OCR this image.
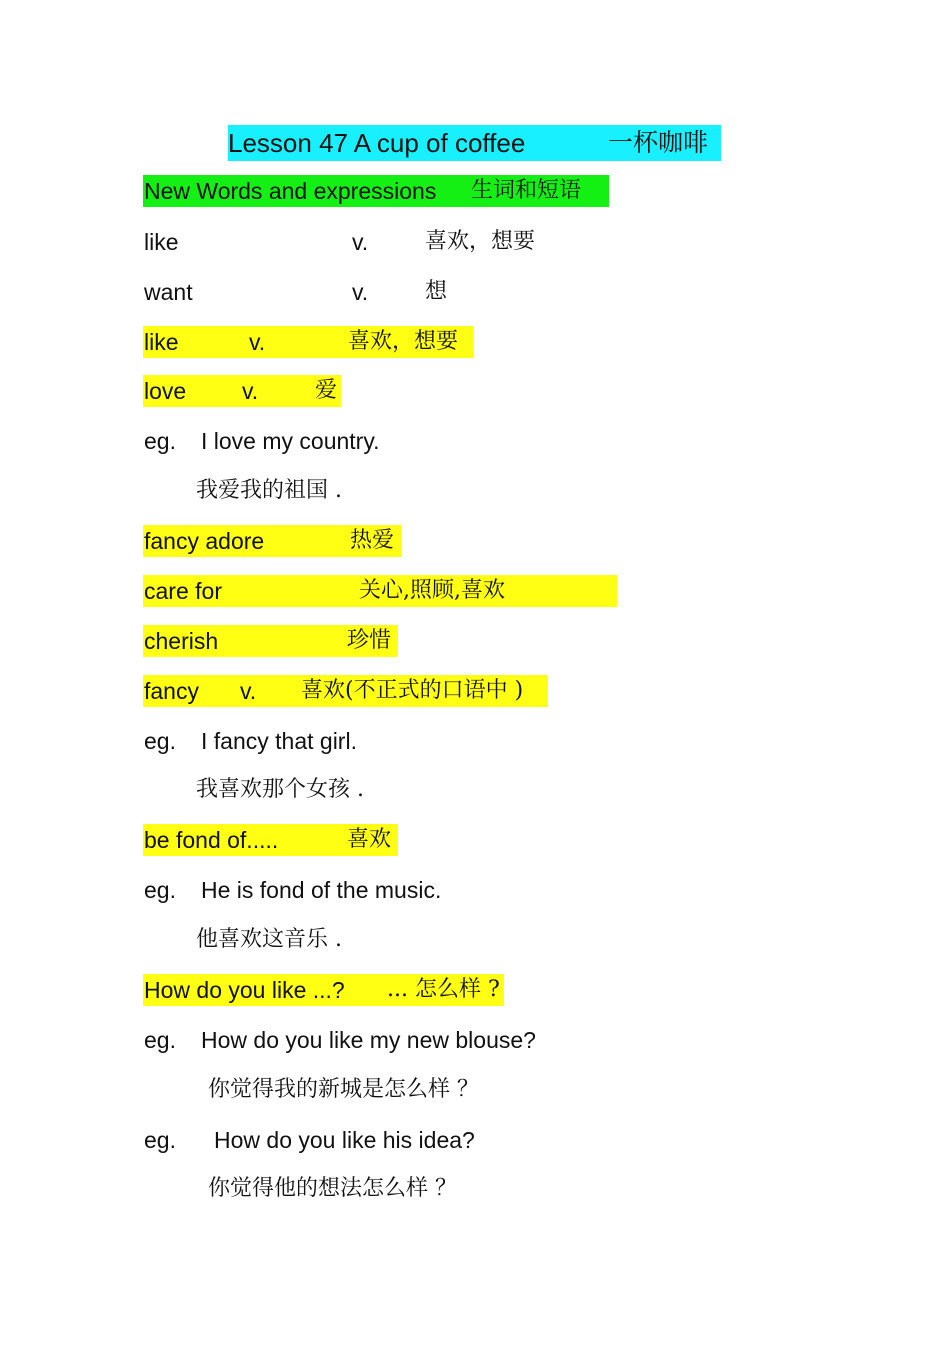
Lesson 47 A cup of coffee	一杯咖啡
New Words and expressions 生词和短语
like	v.	喜欢，想要
want	v.	想
like	v.	喜欢，想要
love v.	爱
eg. I love my country.
我爱我的祖国 .
fancy adore	热爱
care for	关心,照顾,喜欢
cherish	珍惜
fancy v. 喜欢(不正式的口语中 )
eg. I fancy that girl.
我喜欢那个女孩 .
be fond of.....	喜欢
eg. He is fond of the music.
他喜欢这音乐 .
How do you like ...? ... 怎么样 ?
eg. How do you like my new blouse?
你觉得我的新城是怎么样 ？
eg. How do you like his idea?
你觉得他的想法怎么样 ？
